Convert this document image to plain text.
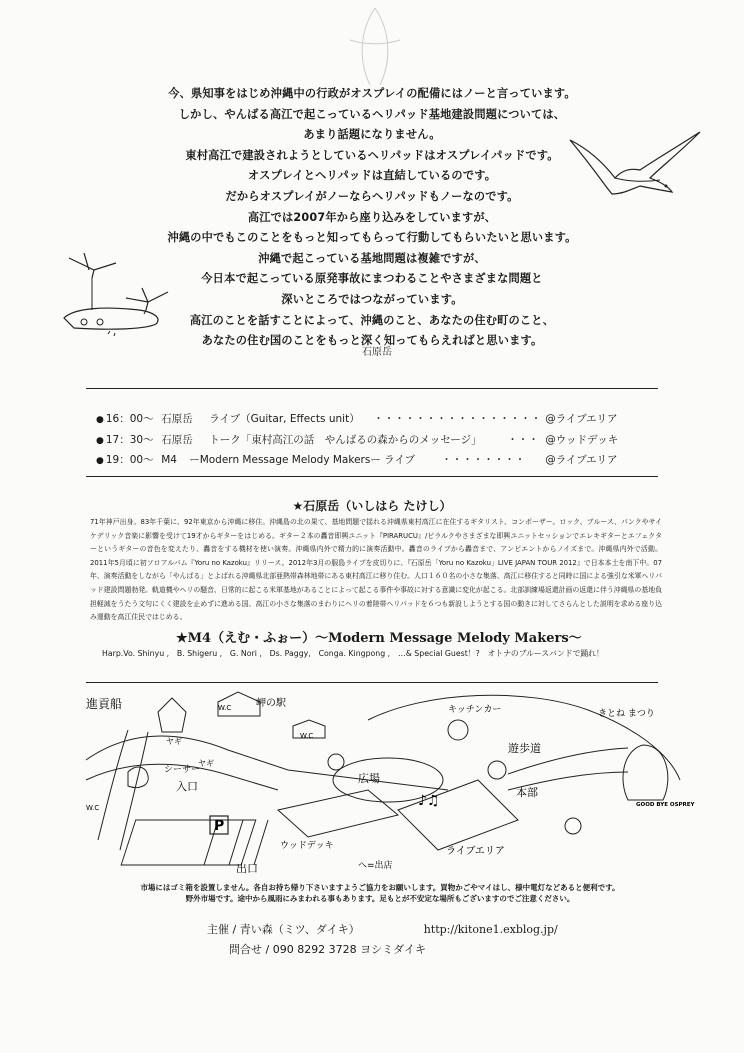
今、県知事をはじめ沖縄中の行政がオスプレイの配備にはノーと言っています。
しかし、やんばる高江で起こっているヘリパッド基地建設問題については、
あまり話題になりません。
東村高江で建設されようとしているヘリパッドはオスプレイパッドです。
オスプレイとヘリパッドは直結しているのです。
だからオスプレイがノーならヘリパッドもノーなのです。
高江では2007年から座り込みをしていますが、
沖縄の中でもこのことをもっと知ってもらって行動してもらいたいと思います。
沖縄で起こっている基地問題は複雑ですが、
今日本で起こっている原発事故にまつわることやさまざまな問題と
深いところではつながっています。
高江のことを話すことによって、沖縄のこと、あなたの住む町のこと、
あなたの住む国のことをもっと深く知ってもらえればと思います。
石原岳
● 16：00〜 石原岳 ライブ（Guitar, Effects unit） ・・・・・・・・・・・・・・・・ @ライブエリア
● 17：30〜 石原岳 トーク「東村高江の話　やんばるの森からのメッセージ」 ・・・ @ウッドデッキ
● 19：00〜 M4 ーModern Message Melody Makersー ライブ ・・・・・・・・ @ライブエリア
★石原岳（いしはら たけし）
71年神戸出身。83年千葉に、92年東京から沖縄に移住。沖縄島の北の果て、基地問題で揺れる沖縄県東村高江に在住するギタリスト、コンポーザー。ロック、ブルース、パンクやサイケデリック音楽に影響を受けて19才からギターをはじめる。ギター２本の轟音即興ユニット『PIRARUCU』/ビラルクやさまざまな即興ユニットセッションでエレキギターとエフェクターというギターの音色を変えたり、轟音をする機材を使い演奏。沖縄県内外で精力的に演奏活動中。轟音のライブから轟音まで、アンビエントからノイズまで。沖縄県内外で活動。2011年5月頃に初ソロアルバム『Yoru no Kazoku』リリース。2012年3月の服島ライブを皮切りに、『石原岳「Yoru no Kazoku」LIVE JAPAN TOUR 2012』で日本本土を南下中。07年、演奏活動をしながら「やんばる」とよばれる沖縄県北部亜熱帯森林地帯にある東村高江に移り住む。人口１６０名の小さな集落、高江に移住すると同時に国による強引な米軍ヘリパッド建設問題勃発。軌道機やヘリの騒音、日常的に起こる米軍基地があることによって起こる事件や事故に対する意識に変化が起こる。北部訓練場返還計画の返還に伴う沖縄県の基地負担軽減をうたう文句にくく建設を止めずに進める国、高江の小さな集落のまわりにヘリの着陸帯ヘリパッドを６つも新設しようとする国の動きに対してさらんとした説明を求める座り込み運動を高江住民ではじめる。
★M4（えむ・ふぉー）〜Modern Message Melody Makers〜
Harp.Vo. Shinyu ,　B. Shigeru ,　G. Nori ,　Ds. Paggy,　Conga. Kingpong ,　…& Special Guest！?　オトナのブルースバンドで踊れ！
P
♪♫
進貢船
ヤギ
W.C 岬の駅
W.C
ヤギ
キッチンカー
シーサー
遊歩道
入口
広場
本部
W.C
ウッドデッキ	ライブエリア
出口	へ=出店
GOOD BYE OSPREY
きとね まつり
市場にはゴミ箱を設置しません。各自お持ち帰り下さいますようご協力をお願いします。買物かごやマイはし、様中電灯などあると便利です。
野外市場です。途中から風雨にみまわれる事もあります。足もとが不安定な場所もございますのでご注意ください。
主催 / 青い森（ミツ、ダイキ）	http://kitone1.exblog.jp/
問合せ / 090 8292 3728 ヨシミダイキ
